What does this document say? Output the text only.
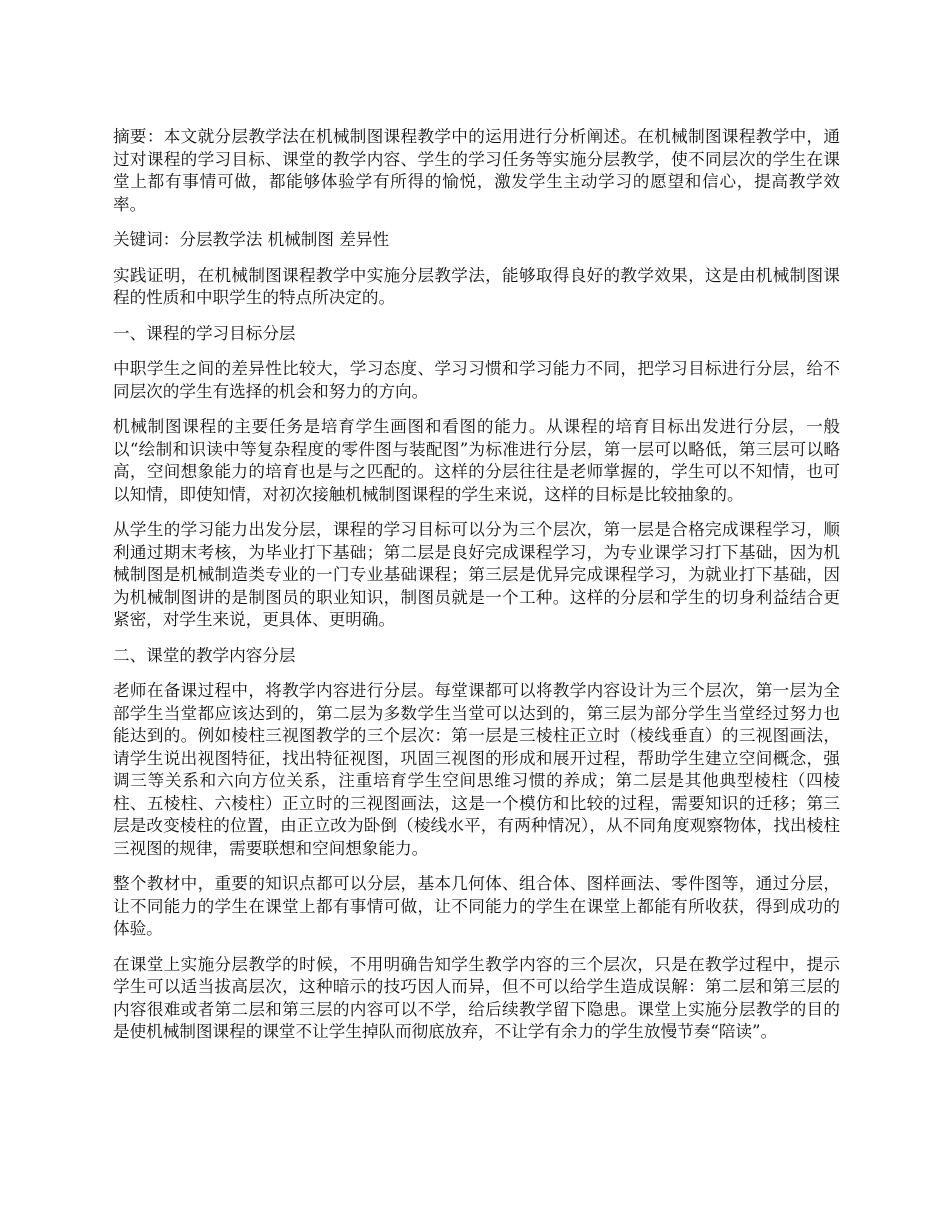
摘要：本文就分层教学法在机械制图课程教学中的运用进行分析阐述。在机械制图课程教学中，通过对课程的学习目标、课堂的教学内容、学生的学习任务等实施分层教学，使不同层次的学生在课堂上都有事情可做，都能够体验学有所得的愉悦，激发学生主动学习的愿望和信心，提高教学效率。

关键词：分层教学法 机械制图 差异性

实践证明，在机械制图课程教学中实施分层教学法，能够取得良好的教学效果，这是由机械制图课程的性质和中职学生的特点所决定的。

一、课程的学习目标分层

中职学生之间的差异性比较大，学习态度、学习习惯和学习能力不同，把学习目标进行分层，给不同层次的学生有选择的机会和努力的方向。

机械制图课程的主要任务是培育学生画图和看图的能力。从课程的培育目标出发进行分层，一般以“绘制和识读中等复杂程度的零件图与装配图”为标准进行分层，第一层可以略低，第三层可以略高，空间想象能力的培育也是与之匹配的。这样的分层往往是老师掌握的，学生可以不知情，也可以知情，即使知情，对初次接触机械制图课程的学生来说，这样的目标是比较抽象的。

从学生的学习能力出发分层，课程的学习目标可以分为三个层次，第一层是合格完成课程学习，顺利通过期末考核，为毕业打下基础；第二层是良好完成课程学习，为专业课学习打下基础，因为机械制图是机械制造类专业的一门专业基础课程；第三层是优异完成课程学习，为就业打下基础，因为机械制图讲的是制图员的职业知识，制图员就是一个工种。这样的分层和学生的切身利益结合更紧密，对学生来说，更具体、更明确。

二、课堂的教学内容分层

老师在备课过程中，将教学内容进行分层。每堂课都可以将教学内容设计为三个层次，第一层为全部学生当堂都应该达到的，第二层为多数学生当堂可以达到的，第三层为部分学生当堂经过努力也能达到的。例如棱柱三视图教学的三个层次：第一层是三棱柱正立时（棱线垂直）的三视图画法，请学生说出视图特征，找出特征视图，巩固三视图的形成和展开过程，帮助学生建立空间概念，强调三等关系和六向方位关系，注重培育学生空间思维习惯的养成；第二层是其他典型棱柱（四棱柱、五棱柱、六棱柱）正立时的三视图画法，这是一个模仿和比较的过程，需要知识的迁移；第三层是改变棱柱的位置，由正立改为卧倒（棱线水平，有两种情况），从不同角度观察物体，找出棱柱三视图的规律，需要联想和空间想象能力。

整个教材中，重要的知识点都可以分层，基本几何体、组合体、图样画法、零件图等，通过分层，让不同能力的学生在课堂上都有事情可做，让不同能力的学生在课堂上都能有所收获，得到成功的体验。

在课堂上实施分层教学的时候，不用明确告知学生教学内容的三个层次，只是在教学过程中，提示学生可以适当拔高层次，这种暗示的技巧因人而异，但不可以给学生造成误解：第二层和第三层的内容很难或者第二层和第三层的内容可以不学，给后续教学留下隐患。课堂上实施分层教学的目的是使机械制图课程的课堂不让学生掉队而彻底放弃，不让学有余力的学生放慢节奏“陪读”。
